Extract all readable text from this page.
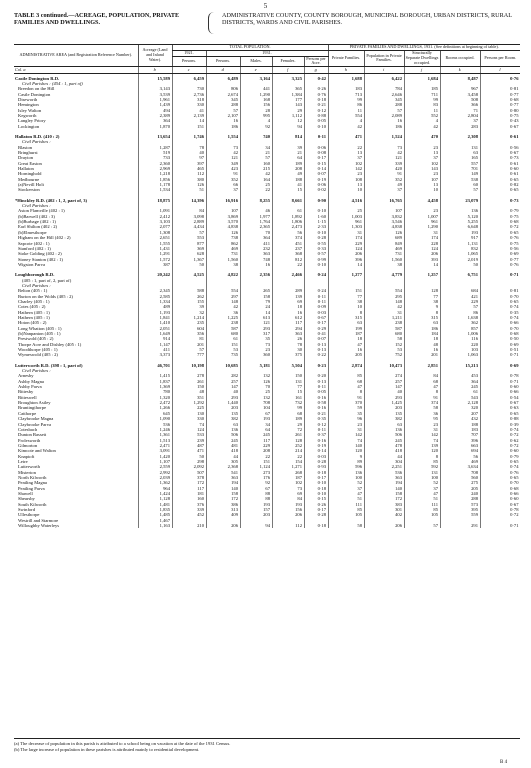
5
TABLE 3 continued.—ACREAGE, POPULATION, PRIVATE FAMILIES AND DWELLINGS.
ADMINISTRATIVE COUNTY, COUNTY BOROUGH, MUNICIPAL BOROUGH, URBAN DISTRICTS, RURAL DISTRICTS, WARDS AND CIVIL PARISHES.
ADMINISTRATIVE AREA (and Registration Reference Number).	Acreage (Land and Inland Water).	TOTAL POPULATION.					PRIVATE FAMILIES AND DWELLINGS, 1931. (See definitions at beginning of table).				
		1921.	1931.				Private Families.	Population in Private Families.	Structurally Separate Dwellings occupied.	Rooms occupied.	Persons per Room.
		Persons.	Persons.	Males.	Females.	Persons per Acre.					
Col. a	b	c	d	e	f	g	h	i	j	k	l
Castle Donington R.D.	15,589	6,459	6,489	3,164	3,325	0·42	1,688	6,422	1,684	8,487	0·76
Civil Parishes : (454 : 1, part of)											
Breedon on the Hill	3,143	730	806	441	365	0·26	183	784	185	967	0·81
Castle Donington	3,539	2,736	2,674	1,290	1,384	0·76	713	2,646	711	3,458	0·77
Diseworth	1,961	318	345	168	177	0·18	99	345	99	508	0·68
Hemington	1,439	330	288	156	143	0·21	86	288	83	366	0·77
Isley Walton	494	41	57	28	29	0·12	11	57	11	71	0·80
Kegworth	2,389	2,139	2,107	995	1,112	0·88	554	2,089	552	2,804	0·75
Langley Priory	364	14	16	4	12	0·05	4	16	4	37	0·43
Lockington	1,870	151	186	92	94	0·10	42	186	42	283	0·67

Hallaton R.D. (410 : 2)	13,654	1,746	1,554	740	814	0·11	471	1,524	470	2,308	0·61
Civil Parishes :											
Blaston	1,287	78	73	34	39	0·06	22	73	23	131	0·56
Bringhurst	519	40	42	21	21	0·08	13	42	13	63	0·67
Drayton	733	97	121	57	64	0·17	37	121	37	165	0·73
Great Easton	2,360	397	349	160	189	0·15	102	339	102	557	0·61
Hallaton	2,969	465	423	215	208	0·14	142	420	143	701	0·60
Horninghold	1,218	112	91	42	49	0·07	23	91	23	149	0·61
Medbourne	1,856	380	352	164	188	0·19	108	352	107	538	0·65
(a)Nevill Holt	1,178	126	66	25	41	0·06	13	49	13	60	0·82
Stockerston	1,534	51	37	22	15	0·02	10	37	10	57	0·65

*Hinckley R.D. (402 : 1, 2, part of, 3)	18,875	14,396	16,916	8,255	8,661	0·90	4,516	16,765	4,458	23,079	0·73
Civil Parishes :											
Aston Flamville (402 : 1)	1,091	84	107	46	61	0·10	25	107	23	136	0·79
(b)Barwell (402 : 3)	2,412	3,098	3,869	1,977	1,892	1·60	1,003	3,832	1,007	5,120	0·75
(b)Burbage (402 : 1)	3,103	2,889	3,570	1,764	1,806	1·15	961	3,546	961	5,255	0·68
Earl Shilton (402 : 2)	2,077	4,434	4,838	2,365	2,473	2·33	1,303	4,838	1,290	6,648	0·72
(b)Elmesthorpe	1,308	57	126	70	56	0·10	31	126	31	193	0·65
Higham on the Hill (402 : 2)	2,651	553	738	364	374	0·28	174	689	174	917	0·76
Sapcote (402 : 1)	1,555	877	862	411	451	0·55	229	849	228	1,131	0·75
Stanford (402 : 1)	1,431	369	469	232	237	0·33	124	469	124	832	0·56
Stoke Golding (402 : 2)	1,291	628	731	363	368	0·57	206	731	206	1,065	0·69
Stoney Stanton (402 : 1)	1,572	1,367	1,560	748	812	0·99	396	1,560	393	2,019	0·77
Wigston Parva	387	50	38	16	22	0·10	14	38	14	50	0·76

Loughborough R.D.	20,242	4,525	4,822	2,356	2,466	0·24	1,277	4,779	1,257	6,751	0·71
(405 : 1, part of, 2, part of)											
Civil Parishes :											
Belton (405 : 1)	2,345	588	554	265	289	0·24	151	554	128	684	0·81
Burton on the Wolds (405 : 2)	2,585	262	297	158	139	0·11	77	295	77	421	0·70
Charley (405 : 1)	1,334	155	148	79	69	0·11	38	148	38	229	0·65
Cotes (405 : 2)	489	39	42	24	18	0·09	10	42	9	57	0·74
Hathern (405 : 1)	1,193	32	36	14	16	0·03	8	31	8	86	0·35
Hathern (405 : 1)	1,841	1,214	1,225	613	612	0·67	315	1,211	315	1,638	0·74
Hoton (405 : 2)	1,410	235	238	121	117	0·17	63	238	63	362	0·66
Long Whatton (405 : 1)	2,051	604	587	293	294	0·29	199	587	186	857	0·70
(b)Nanpanton (405 : 1)	1,649	356	680	317	363	0·41	187	680	184	1,006	0·68
Prestwold (405 : 2)	914	81	61	35	26	0·07	18	58	18	116	0·50
Thorpe Acre and Dishley (405 : 1)	1,147	201	151	73	78	0·13	47	152	48	220	0·69
Woodthorpe (405 : 1)	411	57	53	23	30	0·13	16	53	16	103	0·51
Wymeswold (405 : 2)	3,373	777	735	360	375	0·22	205	752	201	1,063	0·71

Lutterworth R.D. (398 : 1, part of)	46,701	10,198	10,685	5,181	5,504	0·23	2,874	10,473	2,851	15,213	0·69
Civil Parishes :											
Arnesby	1,415	278	282	132	150	0·20	85	274	84	453	0·78
Ashby Magna	1,837	261	257	126	131	0·13	68	257	68	364	0·71
Ashby Parva	1,369	150	147	70	77	0·11	47	147	47	245	0·60
Bittesby	780	48	40	25	15	0·05	8	40	8	61	0·66
Bitteswell	1,320	351	293	132	161	0·16	91	293	91	543	0·54
Broughton Astley	2,472	1,292	1,440	708	732	0·58	370	1,425	374	2,128	0·67
Bruntingthorpe	1,266	225	203	104	99	0·16	59	203	58	320	0·63
Catthorpe	645	130	135	67	68	0·21	35	135	36	207	0·65
Claybrooke Magna	1,090	330	382	193	189	0·35	96	382	95	432	0·88
Claybrooke Parva	536	74	63	34	29	0·12	23	63	23	188	0·39
Cotesbach	1,246	124	136	64	72	0·11	31	136	31	183	0·74
Dunton Bassett	1,361	533	506	245	261	0·37	142	506	142	707	0·72
Frolesworth	1,513	239	245	117	128	0·16	74	245	74	396	0·62
Gilmorton	2,471	487	481	229	252	0·19	140	478	139	663	0·72
Kimcote and Walton	3,091	471	418	208	214	0·14	120	418	120	694	0·60
Knaptoft	1,420	50	44	22	22	0·03	9	44	8	56	0·79
Leire	1,107	298	305	151	154	0·28	89	304	85	469	0·65
Lutterworth	2,559	2,092	2,368	1,124	1,271	0·93	596	2,251	592	3,634	0·74
Misterton	2,992	507	541	273	268	0·18	136	536	131	708	0·76
North Kilworth	2,039	378	363	176	187	0·17	100	363	100	560	0·65
Peatling Magna	1,362	172	194	92	102	0·10	52	194	52	275	0·70
Peatling Parva	964	117	140	67	73	0·18	37	140	37	205	0·68
Shawell	1,424	181	158	88	69	0·10	47	158	47	240	0·66
Shearsby	1,128	160	172	88	84	0·15	51	172	51	288	0·60
South Kilworth	1,481	376	386	193	193	0·26	111	383	111	573	0·67
Swinford	1,835	339	313	157	156	0·17	85	301	85	395	0·78
Ullesthorpe	1,485	452	409	203	206	0·28	105	402	105	559	0·72
Westrill and Starmore	1,467										
Willoughby Waterleys	1,163	210	206	94	112	0·18	58	206	57	291	0·71
(a) The decrease of population in this parish is attributed to a school being on vacation at the date of the 1931 Census.
(b) The large increase of population in these parishes is attributed mainly to residential development.
B 4
